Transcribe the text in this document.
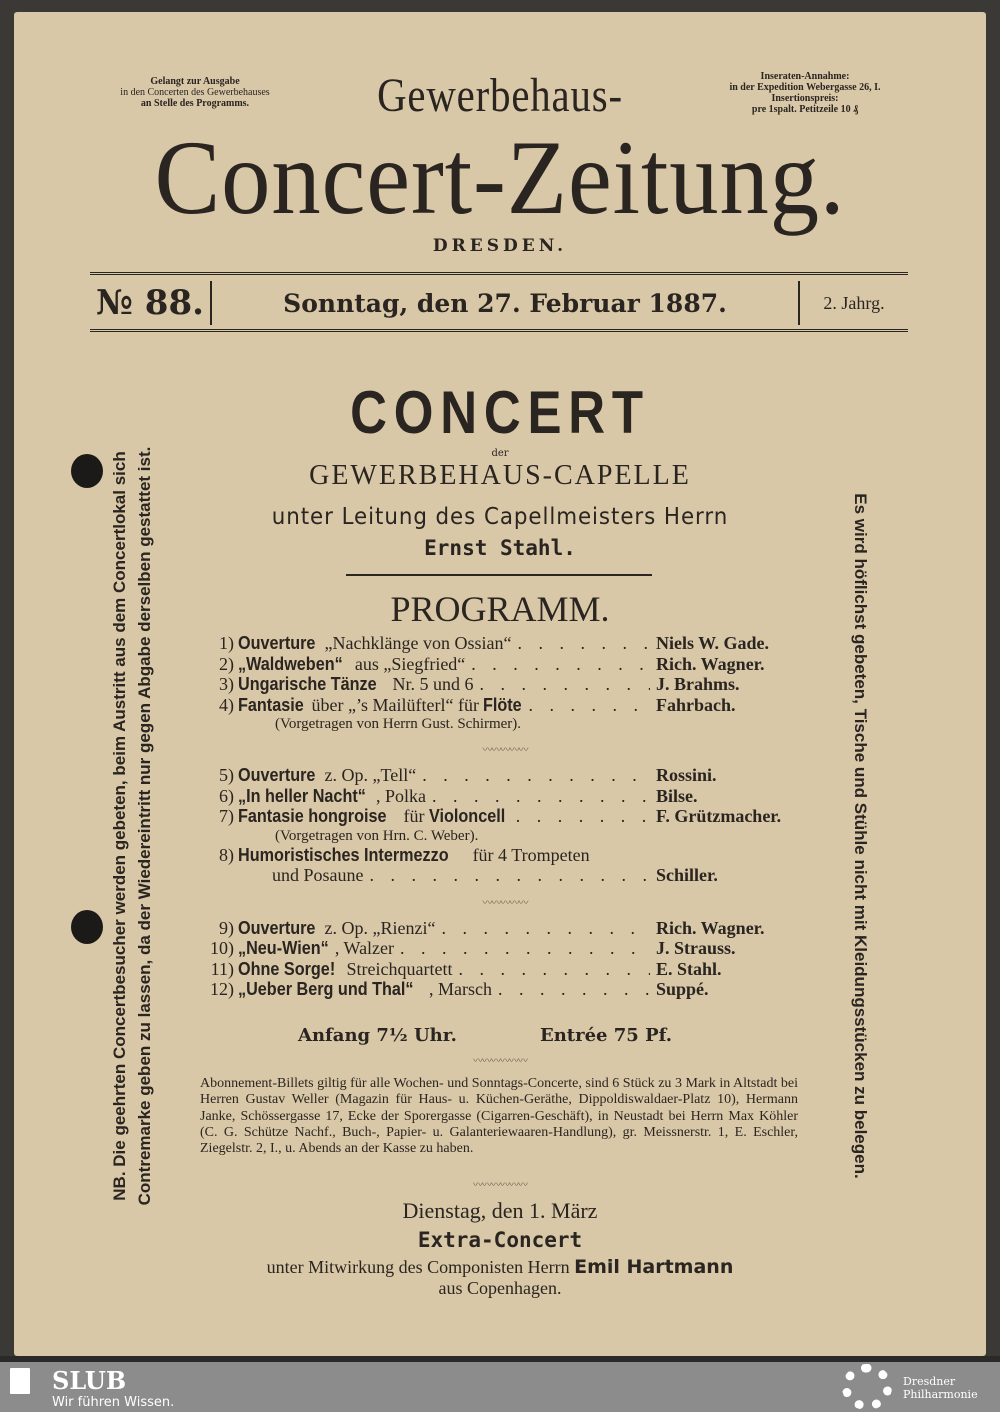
Gelangt zur Ausgabe
in den Concerten des Gewerbehauses
an Stelle des Programms.	Gewerbehaus-	Inseraten-Annahme:
in der Expedition Webergasse 26, I.
Insertionspreis:
pre 1spalt. Petitzeile 10 ₰
Concert-Zeitung.
DRESDEN.
№ 88.	Sonntag, den 27. Februar 1887.	2. Jahrg.
CONCERT
der
GEWERBEHAUS-CAPELLE
unter Leitung des Capellmeisters Herrn
Ernst Stahl.
PROGRAMM.
1) Ouverture „Nachklänge von Ossian“ . . .	Niels W. Gade.
2) „Waldweben“ aus „Siegfried“ . . .	Rich. Wagner.
3) Ungarische Tänze Nr. 5 und 6 . . .	J. Brahms.
4) Fantasie über „’s Mailüfterl“ für Flöte . . .	Fahrbach.
(Vorgetragen von Herrn Gust. Schirmer).
〰〰〰〰〰
5) Ouverture z. Op. „Tell“ . . .	Rossini.
6) „In heller Nacht“ , Polka . . .	Bilse.
7) Fantasie hongroise für Violoncell . . .	F. Grützmacher.
(Vorgetragen von Hrn. C. Weber).
8) Humoristisches Intermezzo für 4 Trompeten
und Posaune . . .	Schiller.
〰〰〰〰〰
9) Ouverture z. Op. „Rienzi“ . . .	Rich. Wagner.
10) „Neu-Wien“ , Walzer . . .	J. Strauss.
11) Ohne Sorge! Streichquartett . . .	E. Stahl.
12) „Ueber Berg und Thal“ , Marsch . . .	Suppé.
Anfang 7½ Uhr.	Entrée 75 Pf.
〰〰〰〰〰〰
Abonnement-Billets giltig für alle Wochen- und Sonntags-Concerte, sind 6 Stück zu 3 Mark in Altstadt bei Herren Gustav Weller (Magazin für Haus- u. Küchen-Geräthe, Dippoldiswaldaer-Platz 10), Hermann Janke, Schössergasse 17, Ecke der Sporergasse (Cigarren-Geschäft), in Neustadt bei Herrn Max Köhler (C. G. Schütze Nachf., Buch-, Papier- u. Galanteriewaaren-Handlung), gr. Meissnerstr. 1, E. Eschler, Ziegelstr. 2, I., u. Abends an der Kasse zu haben.
〰〰〰〰〰〰
Dienstag, den 1. März
Extra-Concert
unter Mitwirkung des Componisten Herrn Emil Hartmann
aus Copenhagen.
NB. Die geehrten Concertbesucher werden gebeten, beim Austritt aus dem Concertlokal sich Contremarke geben zu lassen, da der Wiedereintritt nur gegen Abgabe derselben gestattet ist.	Es wird höflichst gebeten, Tische und Stühle nicht mit Kleidungsstücken zu belegen.
SLUB
Wir führen Wissen.
Dresdner
Philharmonie
